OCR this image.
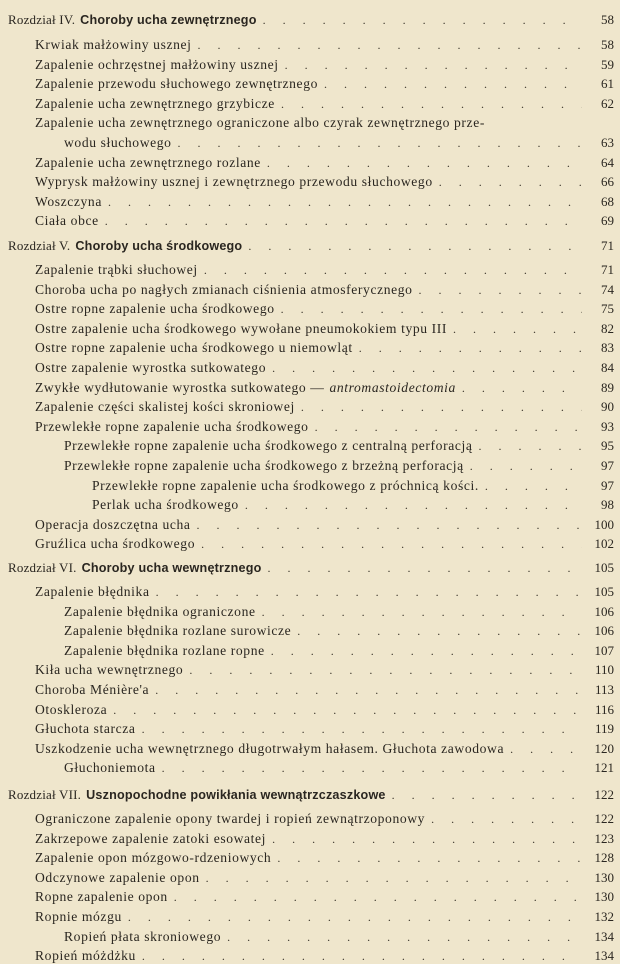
Rozdział IV. Choroby ucha zewnętrznego . . .	58
Krwiak małżowiny usznej . . .	58
Zapalenie ochrzęstnej małżowiny usznej . . .	59
Zapalenie przewodu słuchowego zewnętrznego . . .	61
Zapalenie ucha zewnętrznego grzybicze . . .	62
Zapalenie ucha zewnętrznego ograniczone albo czyrak zewnętrznego prze-
wodu słuchowego . . .	63
Zapalenie ucha zewnętrznego rozlane . . .	64
Wyprysk małżowiny usznej i zewnętrznego przewodu słuchowego . . .	66
Woszczyna . . .	68
Ciała obce . . .	69
Rozdział V. Choroby ucha środkowego . . .	71
Zapalenie trąbki słuchowej . . .	71
Choroba ucha po nagłych zmianach ciśnienia atmosferycznego . . .	74
Ostre ropne zapalenie ucha środkowego . . .	75
Ostre zapalenie ucha środkowego wywołane pneumokokiem typu III . . .	82
Ostre ropne zapalenie ucha środkowego u niemowląt . . .	83
Ostre zapalenie wyrostka sutkowatego . . .	84
Zwykłe wydłutowanie wyrostka sutkowatego — antromastoidectomia . . .	89
Zapalenie części skalistej kości skroniowej . . .	90
Przewlekłe ropne zapalenie ucha środkowego . . .	93
Przewlekłe ropne zapalenie ucha środkowego z centralną perforacją . . .	95
Przewlekłe ropne zapalenie ucha środkowego z brzeżną perforacją . . .	97
Przewlekłe ropne zapalenie ucha środkowego z próchnicą kości. . . .	97
Perlak ucha środkowego . . .	98
Operacja doszczętna ucha . . .	100
Gruźlica ucha środkowego . . .	102
Rozdział VI. Choroby ucha wewnętrznego . . .	105
Zapalenie błędnika . . .	105
Zapalenie błędnika ograniczone . . .	106
Zapalenie błędnika rozlane surowicze . . .	106
Zapalenie błędnika rozlane ropne . . .	107
Kiła ucha wewnętrznego . . .	110
Choroba Ménière'a . . .	113
Otoskleroza . . .	116
Głuchota starcza . . .	119
Uszkodzenie ucha wewnętrznego długotrwałym hałasem. Głuchota zawodowa . . .	120
Głuchoniemota . . .	121
Rozdział VII. Usznopochodne powikłania wewnątrzczaszkowe . . .	122
Ograniczone zapalenie opony twardej i ropień zewnątrzoponowy . . .	122
Zakrzepowe zapalenie zatoki esowatej . . .	123
Zapalenie opon mózgowo-rdzeniowych . . .	128
Odczynowe zapalenie opon . . .	130
Ropne zapalenie opon . . .	130
Ropnie mózgu . . .	132
Ropień płata skroniowego . . .	134
Ropień móżdżku . . .	134
